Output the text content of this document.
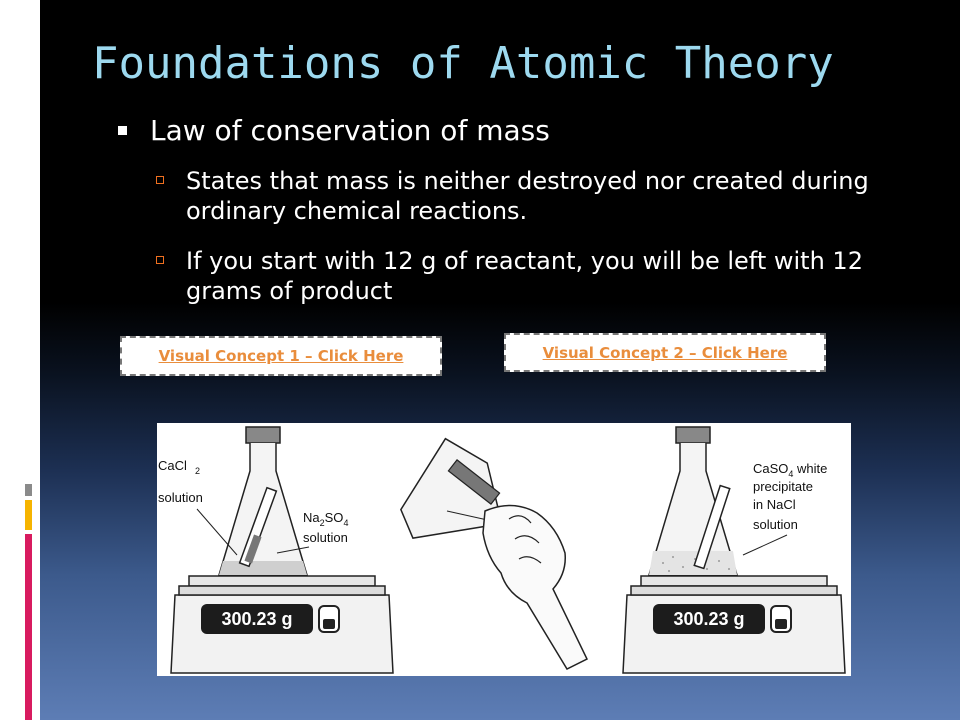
Foundations of Atomic Theory
Law of conservation of mass
States that mass is neither destroyed nor created during ordinary chemical reactions.
If you start with 12 g of reactant, you will be left with 12 grams of product
Visual Concept 1 – Click Here	Visual Concept 2 – Click Here
300.23 g
CaCl 2
solution
$Na_2SO_4$
solution
300.23 g
CaSO$_4$ white
precipitate
in NaCl
solution
